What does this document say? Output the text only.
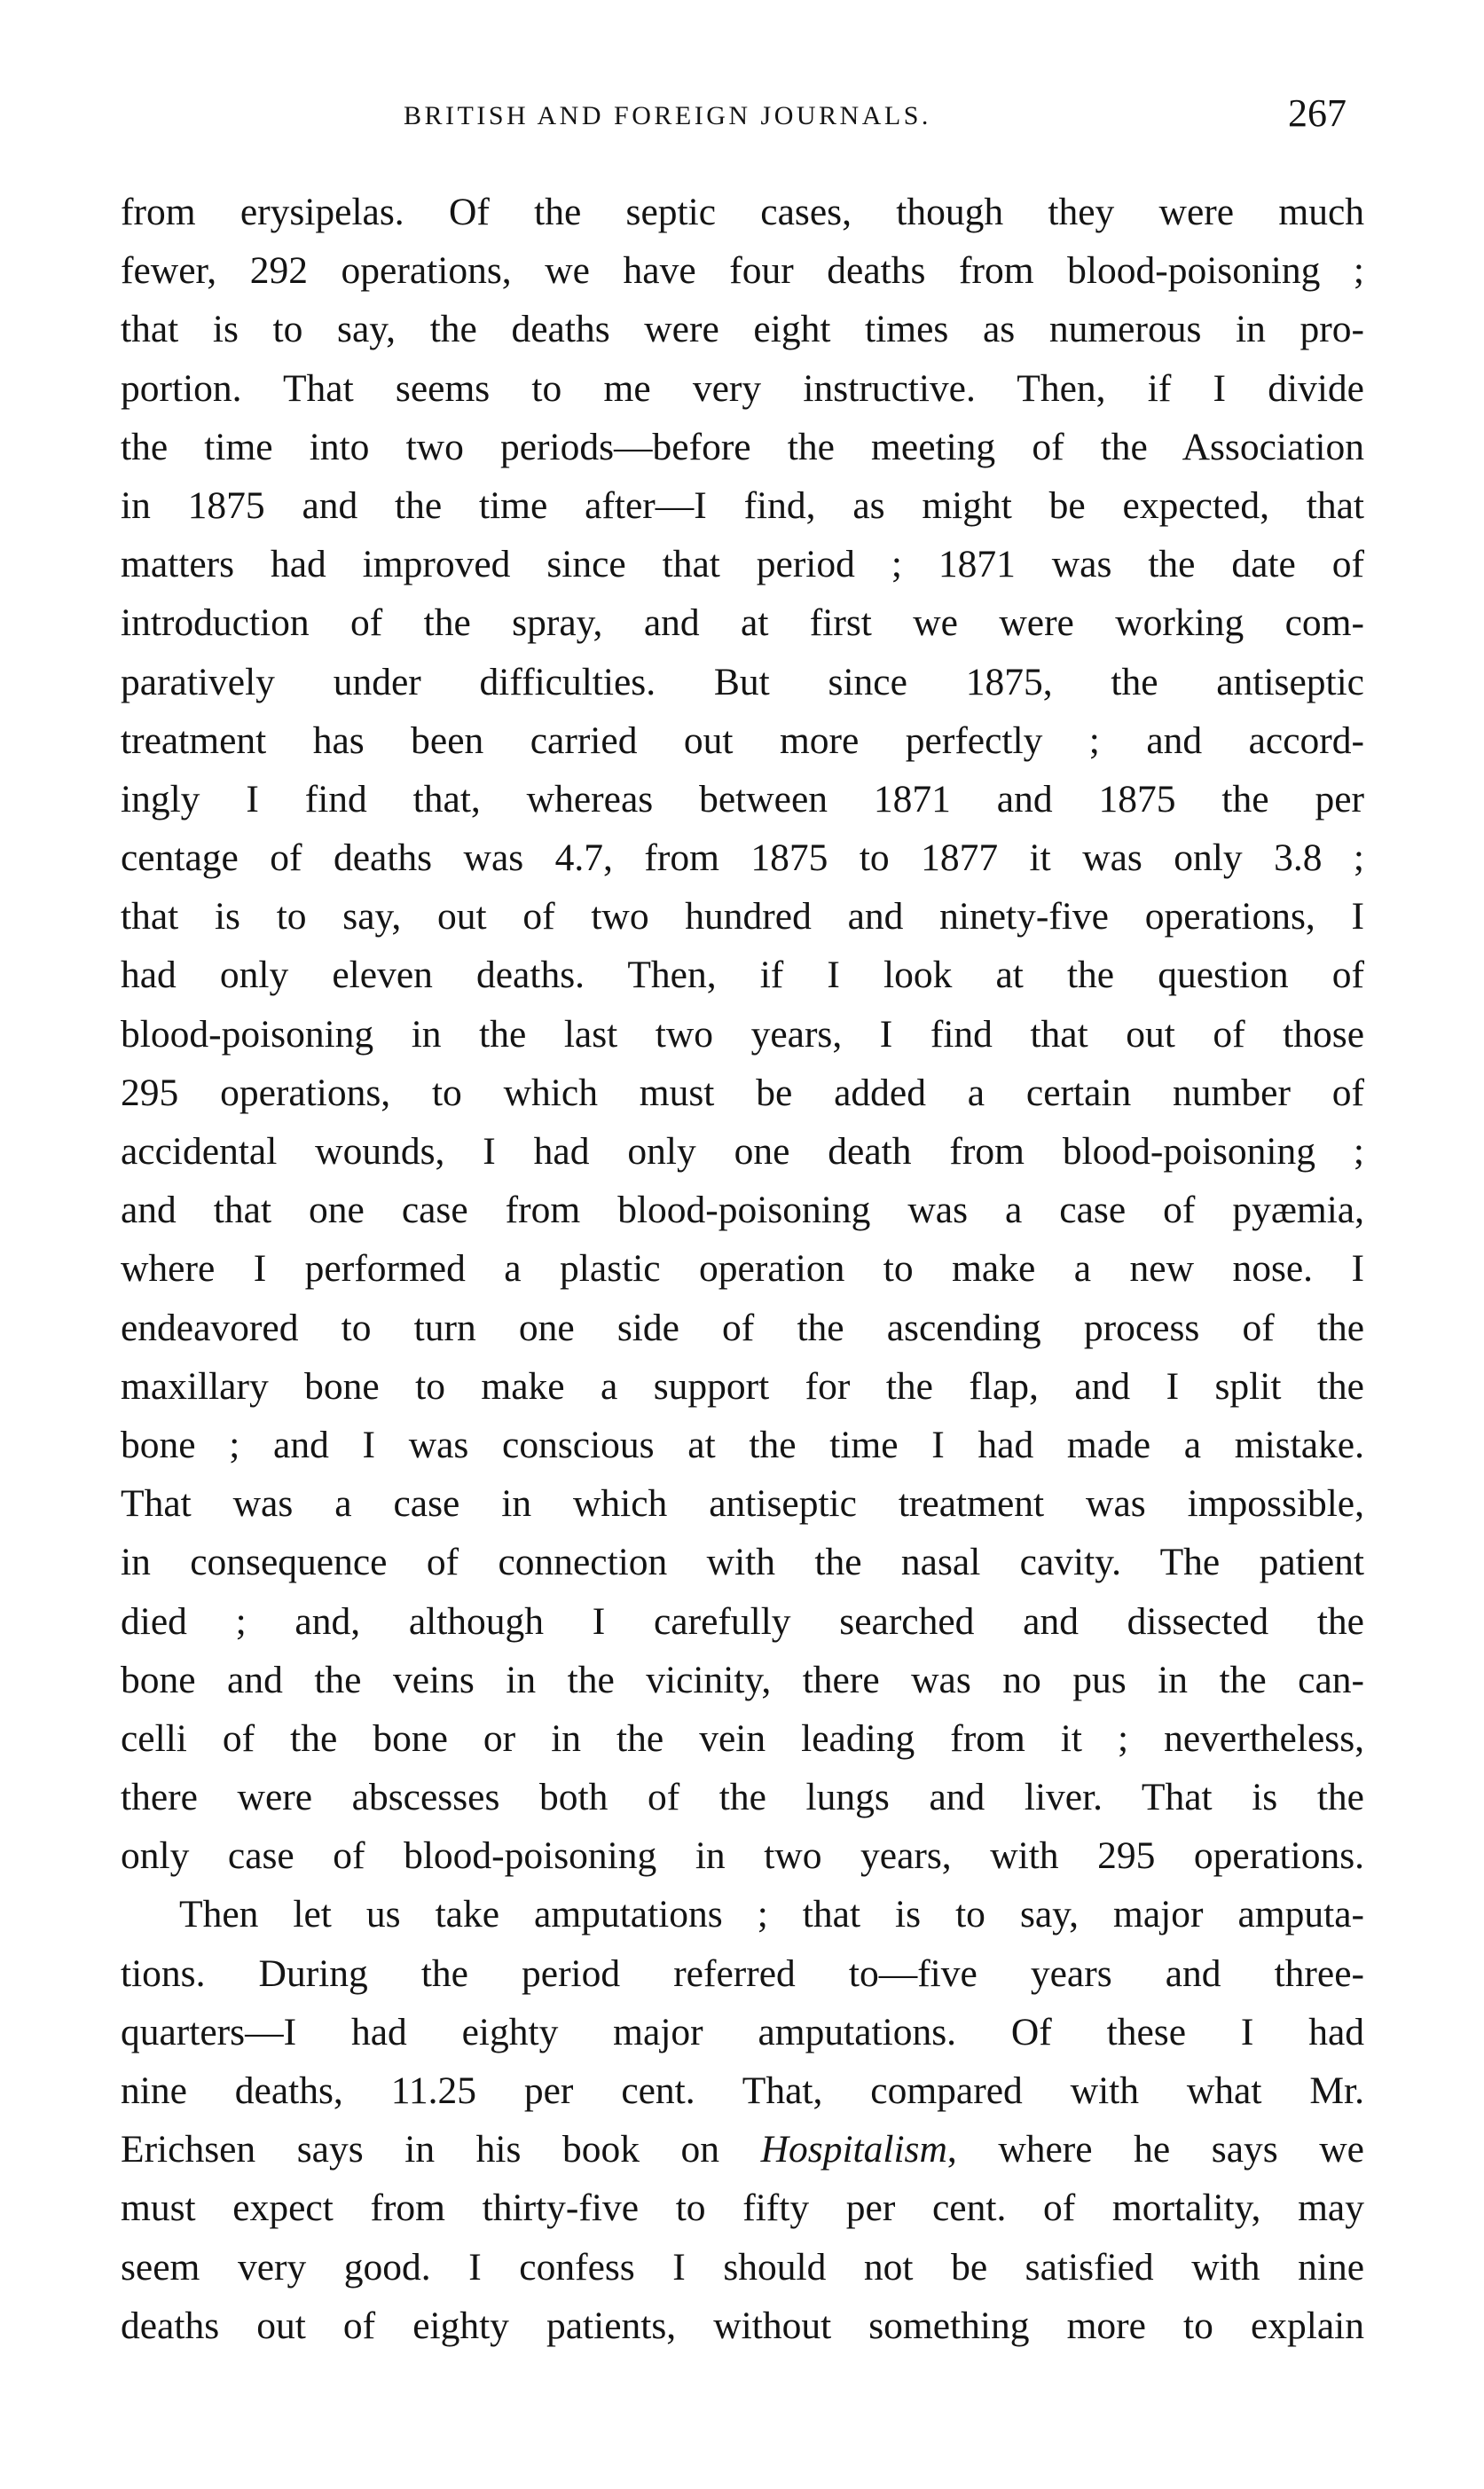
BRITISH AND FOREIGN JOURNALS.	267
from erysipelas. Of the septic cases, though they were much
fewer, 292 operations, we have four deaths from blood-poisoning ;
that is to say, the deaths were eight times as numerous in pro-
portion. That seems to me very instructive. Then, if I divide
the time into two periods—before the meeting of the Association
in 1875 and the time after—I find, as might be expected, that
matters had improved since that period ; 1871 was the date of
introduction of the spray, and at first we were working com-
paratively under difficulties. But since 1875, the antiseptic
treatment has been carried out more perfectly ; and accord-
ingly I find that, whereas between 1871 and 1875 the per
centage of deaths was 4.7, from 1875 to 1877 it was only 3.8 ;
that is to say, out of two hundred and ninety-five operations, I
had only eleven deaths. Then, if I look at the question of
blood-poisoning in the last two years, I find that out of those
295 operations, to which must be added a certain number of
accidental wounds, I had only one death from blood-poisoning ;
and that one case from blood-poisoning was a case of pyæmia,
where I performed a plastic operation to make a new nose. I
endeavored to turn one side of the ascending process of the
maxillary bone to make a support for the flap, and I split the
bone ; and I was conscious at the time I had made a mistake.
That was a case in which antiseptic treatment was impossible,
in consequence of connection with the nasal cavity. The patient
died ; and, although I carefully searched and dissected the
bone and the veins in the vicinity, there was no pus in the can-
celli of the bone or in the vein leading from it ; nevertheless,
there were abscesses both of the lungs and liver. That is the
only case of blood-poisoning in two years, with 295 operations.
Then let us take amputations ; that is to say, major amputa-
tions. During the period referred to—five years and three-
quarters—I had eighty major amputations. Of these I had
nine deaths, 11.25 per cent. That, compared with what Mr.
Erichsen says in his book on Hospitalism, where he says we
must expect from thirty-five to fifty per cent. of mortality, may
seem very good. I confess I should not be satisfied with nine
deaths out of eighty patients, without something more to explain
